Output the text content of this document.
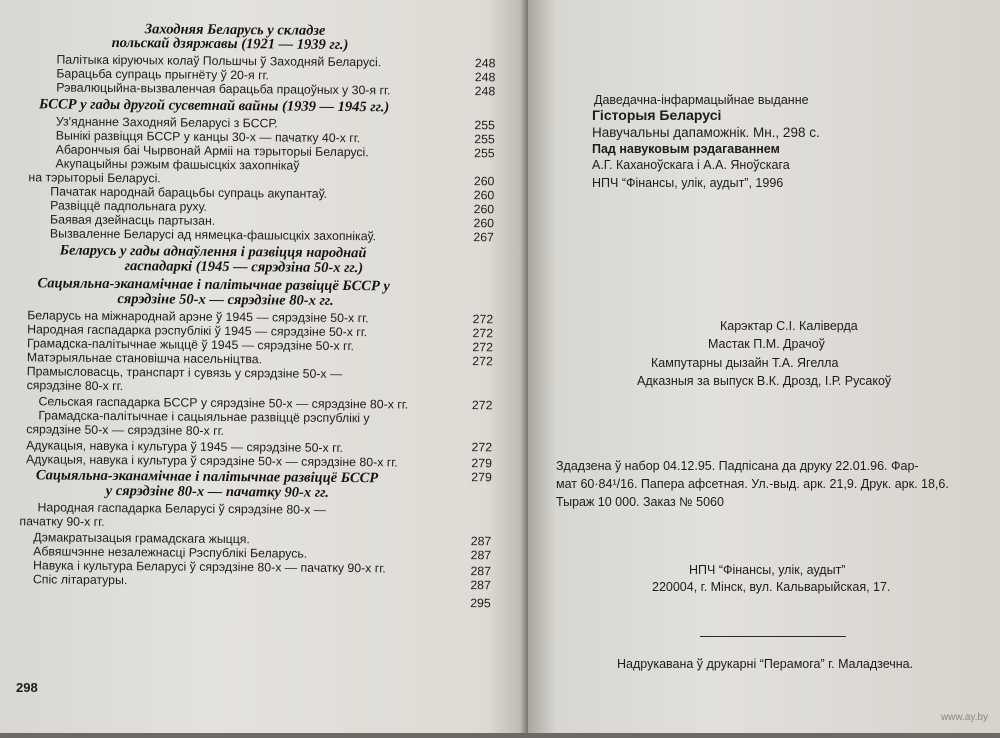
Заходняя Беларусь у складзе
польскай дзяржавы (1921 — 1939 гг.)
Палітыка кіруючых колаў Польшчы ў Заходняй Беларусі.
Барацьба супраць прыгнёту ў 20-я гг.
Рэвалюцыйна-вызваленчая барацьба працоўных у 30-я гг.
БССР у гады другой сусветнай вайны (1939 — 1945 гг.)
Уз'яднанне Заходняй Беларусі з БССР.
Вынікі развіцця БССР у канцы 30-х — пачатку 40-х гг.
Абарончыя баі Чырвонай Арміі на тэрыторыі Беларусі.
Акупацыйны рэжым фашысцкіх захопнікаў
на тэрыторыі Беларусі.
Пачатак народнай барацьбы супраць акупантаў.
Развіццё падпольнага руху.
Баявая дзейнасць партызан.
Вызваленне Беларусі ад нямецка-фашысцкіх захопнікаў.
Беларусь у гады аднаўлення і развіцця народнай
гаспадаркі (1945 — сярэдзіна 50-х гг.)
Сацыяльна-эканамічнае і палітычнае развіццё БССР у
сярэдзіне 50-х — сярэдзіне 80-х гг.
Беларусь на міжнароднай арэне ў 1945 — сярэдзіне 50-х гг.
Народная гаспадарка рэспублікі ў 1945 — сярэдзіне 50-х гг.
Грамадска-палітычнае жыццё ў 1945 — сярэдзіне 50-х гг.
Матэрыяльнае становішча насельніцтва.
Прамысловасць, транспарт і сувязь у сярэдзіне 50-х —
сярэдзіне 80-х гг.
Сельская гаспадарка БССР у сярэдзіне 50-х — сярэдзіне 80-х гг.
Грамадска-палітычнае і сацыяльнае развіццё рэспублікі у
сярэдзіне 50-х — сярэдзіне 80-х гг.
Адукацыя, навука і культура ў 1945 — сярэдзіне 50-х гг.
Адукацыя, навука і культура ў сярэдзіне 50-х — сярэдзіне 80-х гг.
Сацыяльна-эканамічнае і палітычнае развіццё БССР
у сярэдзіне 80-х — пачатку 90-х гг.
Народная гаспадарка Беларусі ў сярэдзіне 80-х —
пачатку 90-х гг.
Дэмакратызацыя грамадскага жыцця.
Абвяшчэнне незалежнасці Рэспублікі Беларусь.
Навука і культура Беларусі ў сярэдзіне 80-х — пачатку 90-х гг.
Спіс літаратуры.
248
248
248
255
255
255
260
260
260
260
267
272
272
272
272
272
272
279
279
287
287
287
287
295
298
Даведачна-інфармацыйнае выданне
Гісторыя Беларусі
Навучальны дапаможнік. Мн., 298 с.
Пад навуковым рэдагаваннем
А.Г. Каханоўскага і А.А. Яноўскага
НПЧ “Фінансы, улік, аудыт”, 1996
Карэктар С.І. Каліверда
Мастак П.М. Драчоў
Кампутарны дызайн Т.А. Ягелла
Адказныя за выпуск В.К. Дрозд, І.Р. Русакоў
Здадзена ў набор 04.12.95. Падпісана да друку 22.01.96. Фар-
мат 60·84¹/16. Папера афсетная. Ул.-выд. арк. 21,9. Друк. арк. 18,6.
Тыраж 10 000. Заказ № 5060
НПЧ “Фінансы, улік, аудыт”
220004, г. Мінск, вул. Кальварыйская, 17.
Надрукавана ў друкарні “Перамога” г. Маладзечна.
www.ay.by
